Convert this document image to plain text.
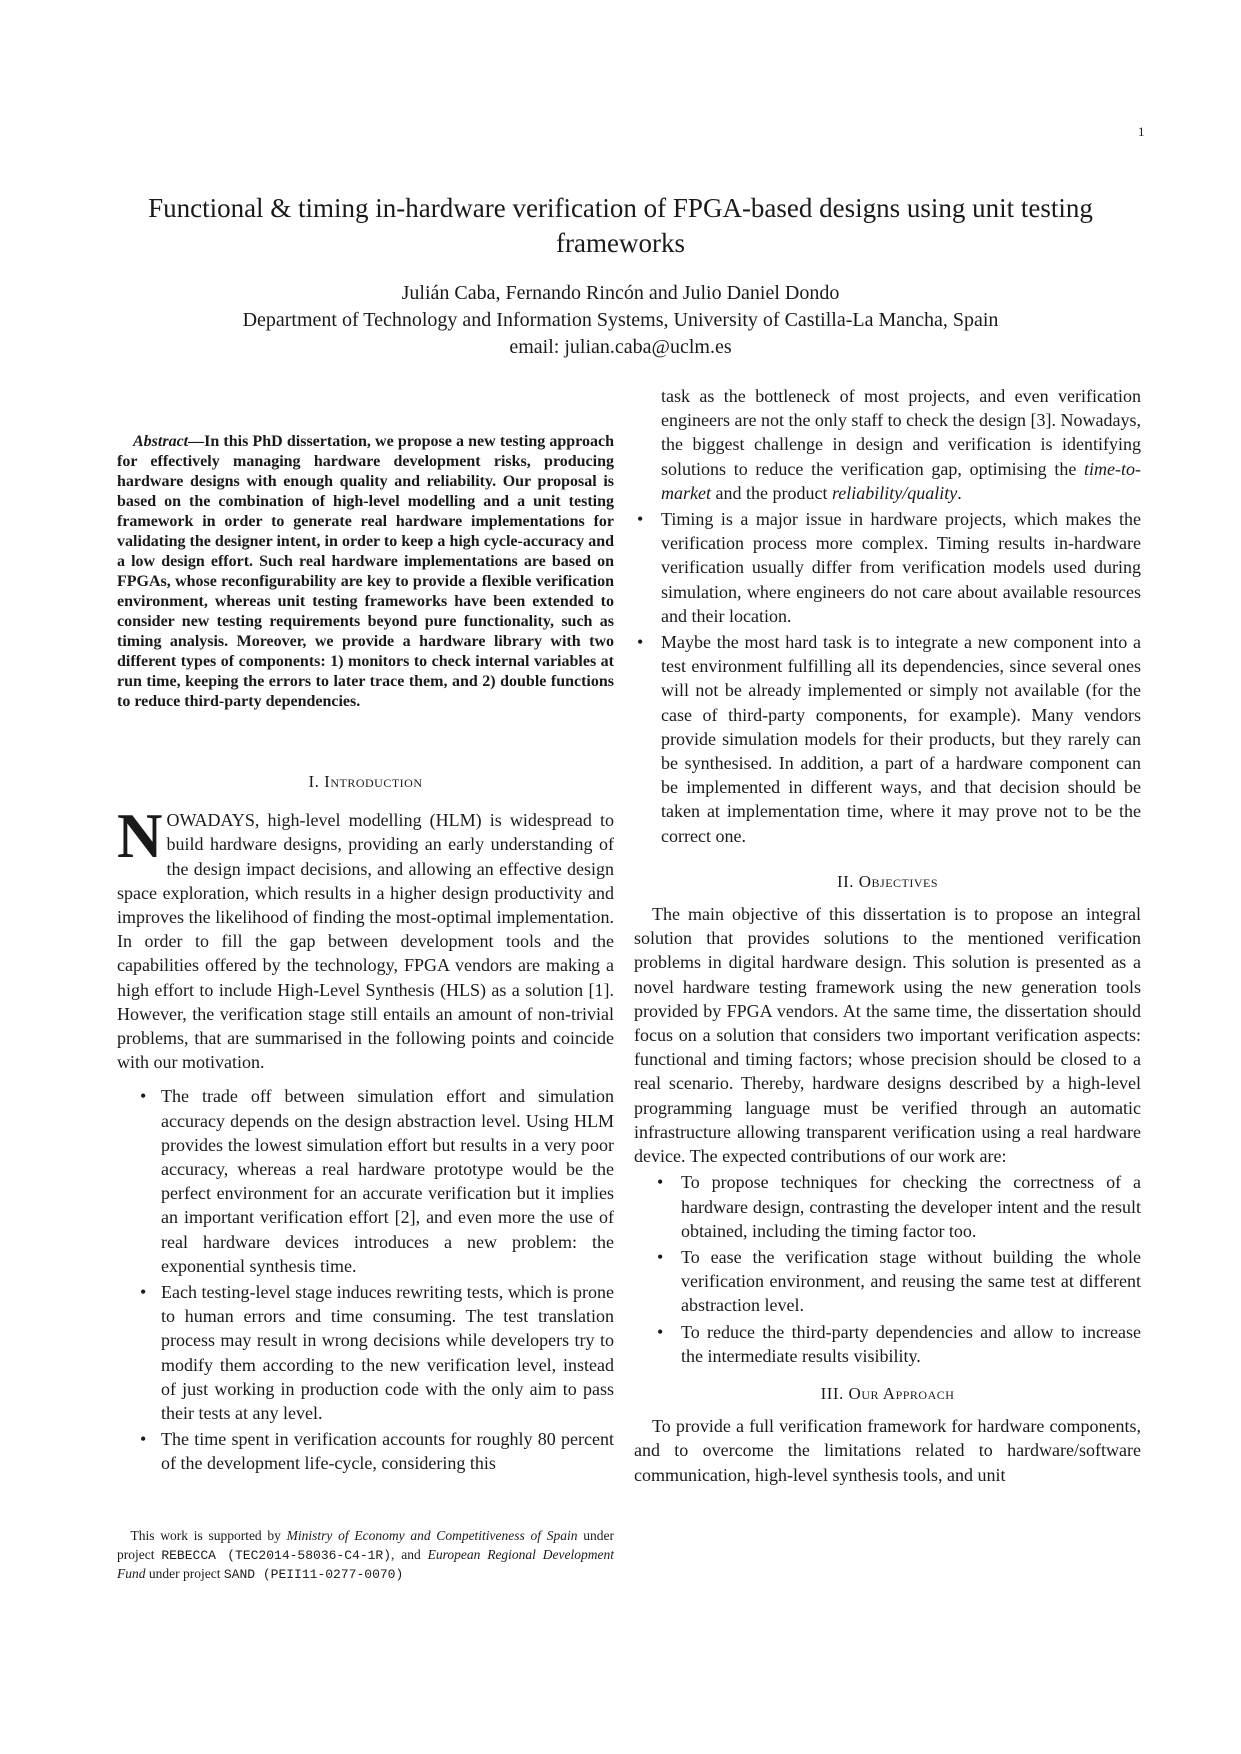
1
Functional & timing in-hardware verification of FPGA-based designs using unit testing frameworks
Julián Caba, Fernando Rincón and Julio Daniel Dondo
Department of Technology and Information Systems, University of Castilla-La Mancha, Spain
email: julian.caba@uclm.es

Abstract—In this PhD dissertation, we propose a new testing approach for effectively managing hardware development risks, producing hardware designs with enough quality and reliability. Our proposal is based on the combination of high-level modelling and a unit testing framework in order to generate real hardware implementations for validating the designer intent, in order to keep a high cycle-accuracy and a low design effort. Such real hardware implementations are based on FPGAs, whose reconfigurability are key to provide a flexible verification environment, whereas unit testing frameworks have been extended to consider new testing requirements beyond pure functionality, such as timing analysis. Moreover, we provide a hardware library with two different types of components: 1) monitors to check internal variables at run time, keeping the errors to later trace them, and 2) double functions to reduce third-party dependencies.

I. Introduction

NOWADAYS, high-level modelling (HLM) is widespread to build hardware designs, providing an early understanding of the design impact decisions, and allowing an effective design space exploration, which results in a higher design productivity and improves the likelihood of finding the most-optimal implementation. In order to fill the gap between development tools and the capabilities offered by the technology, FPGA vendors are making a high effort to include High-Level Synthesis (HLS) as a solution [1]. However, the verification stage still entails an amount of non-trivial problems, that are summarised in the following points and coincide with our motivation.

• The trade off between simulation effort and simulation accuracy depends on the design abstraction level. Using HLM provides the lowest simulation effort but results in a very poor accuracy, whereas a real hardware prototype would be the perfect environment for an accurate verification but it implies an important verification effort [2], and even more the use of real hardware devices introduces a new problem: the exponential synthesis time.
• Each testing-level stage induces rewriting tests, which is prone to human errors and time consuming. The test translation process may result in wrong decisions while developers try to modify them according to the new verification level, instead of just working in production code with the only aim to pass their tests at any level.
• The time spent in verification accounts for roughly 80 percent of the development life-cycle, considering this

task as the bottleneck of most projects, and even verification engineers are not the only staff to check the design [3]. Nowadays, the biggest challenge in design and verification is identifying solutions to reduce the verification gap, optimising the time-to-market and the product reliability/quality.

• Timing is a major issue in hardware projects, which makes the verification process more complex. Timing results in-hardware verification usually differ from verification models used during simulation, where engineers do not care about available resources and their location.
• Maybe the most hard task is to integrate a new component into a test environment fulfilling all its dependencies, since several ones will not be already implemented or simply not available (for the case of third-party components, for example). Many vendors provide simulation models for their products, but they rarely can be synthesised. In addition, a part of a hardware component can be implemented in different ways, and that decision should be taken at implementation time, where it may prove not to be the correct one.
II. Objectives

The main objective of this dissertation is to propose an integral solution that provides solutions to the mentioned verification problems in digital hardware design. This solution is presented as a novel hardware testing framework using the new generation tools provided by FPGA vendors. At the same time, the dissertation should focus on a solution that considers two important verification aspects: functional and timing factors; whose precision should be closed to a real scenario. Thereby, hardware designs described by a high-level programming language must be verified through an automatic infrastructure allowing transparent verification using a real hardware device. The expected contributions of our work are:

• To propose techniques for checking the correctness of a hardware design, contrasting the developer intent and the result obtained, including the timing factor too.
• To ease the verification stage without building the whole verification environment, and reusing the same test at different abstraction level.
• To reduce the third-party dependencies and allow to increase the intermediate results visibility.
III. Our Approach

To provide a full verification framework for hardware components, and to overcome the limitations related to hardware/software communication, high-level synthesis tools, and unit

This work is supported by Ministry of Economy and Competitiveness of Spain under project REBECCA (TEC2014-58036-C4-1R), and European Regional Development Fund under project SAND (PEII11-0277-0070)
